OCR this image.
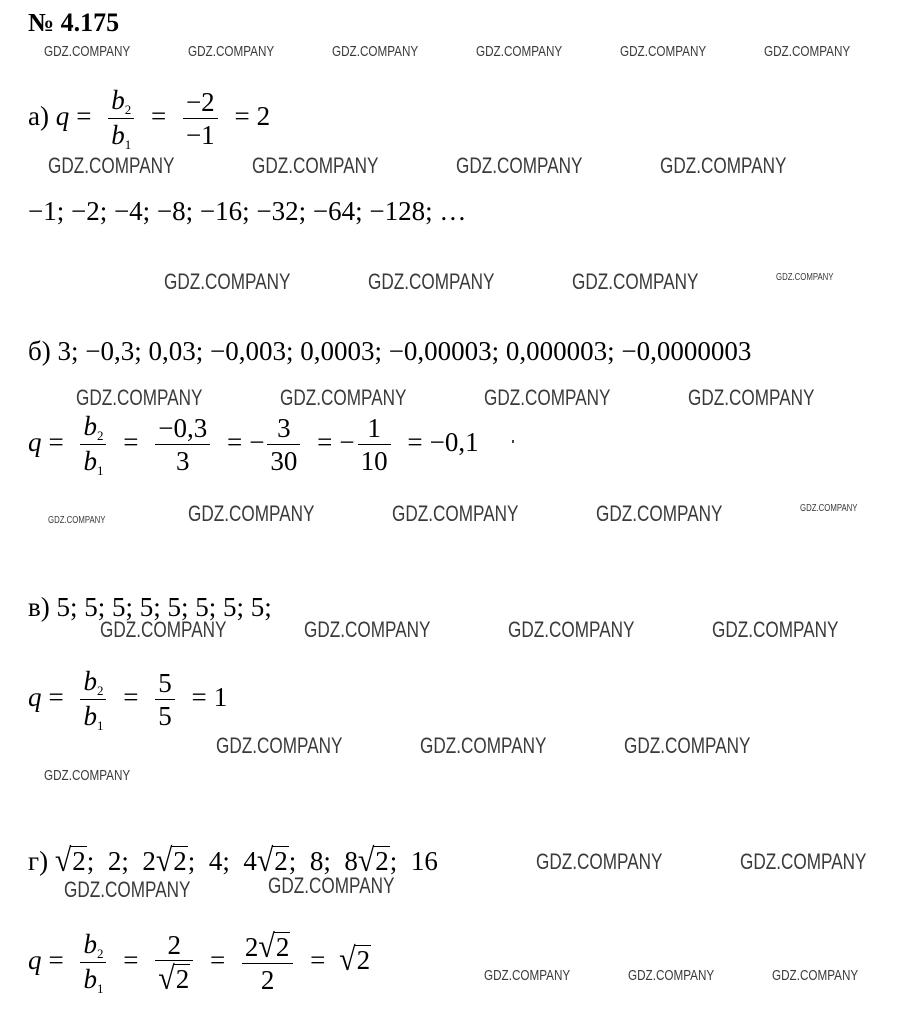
№ 4.175
GDZ.COMPANY	GDZ.COMPANY	GDZ.COMPANY	GDZ.COMPANY	GDZ.COMPANY	GDZ.COMPANY
GDZ.COMPANY	GDZ.COMPANY	GDZ.COMPANY	GDZ.COMPANY
GDZ.COMPANY	GDZ.COMPANY	GDZ.COMPANY	GDZ.COMPANY
GDZ.COMPANY	GDZ.COMPANY	GDZ.COMPANY	GDZ.COMPANY
GDZ.COMPANY	GDZ.COMPANY	GDZ.COMPANY	GDZ.COMPANY	GDZ.COMPANY
GDZ.COMPANY	GDZ.COMPANY	GDZ.COMPANY	GDZ.COMPANY
GDZ.COMPANY	GDZ.COMPANY	GDZ.COMPANY
GDZ.COMPANY
GDZ.COMPANY	GDZ.COMPANY
GDZ.COMPANY	GDZ.COMPANY
GDZ.COMPANY	GDZ.COMPANY	GDZ.COMPANY
а) $q = \frac{b_2}{b_1} = \frac{-2}{-1} = 2$
−1; −2; −4; −8; −16; −32; −64; −128; …
б) 3; −0,3; 0,03; −0,003; 0,0003; −0,00003; 0,000003; −0,0000003
$q = \frac{b_2}{b_1} = \frac{-0,3}{3}$ = − $\frac{3}{30}$ = − $\frac{1}{10} = -0,1$
в) 5; 5; 5; 5; 5; 5; 5; 5;
$q = \frac{b_2}{b_1} = \frac{5}{5} = 1$
г) √2; 2; 2√2; 4; 4√2; 8; 8√2; 16
$q = \frac{b_2}{b_1} = \frac{2}{√2} = \frac{2√2}{2} = √2$
